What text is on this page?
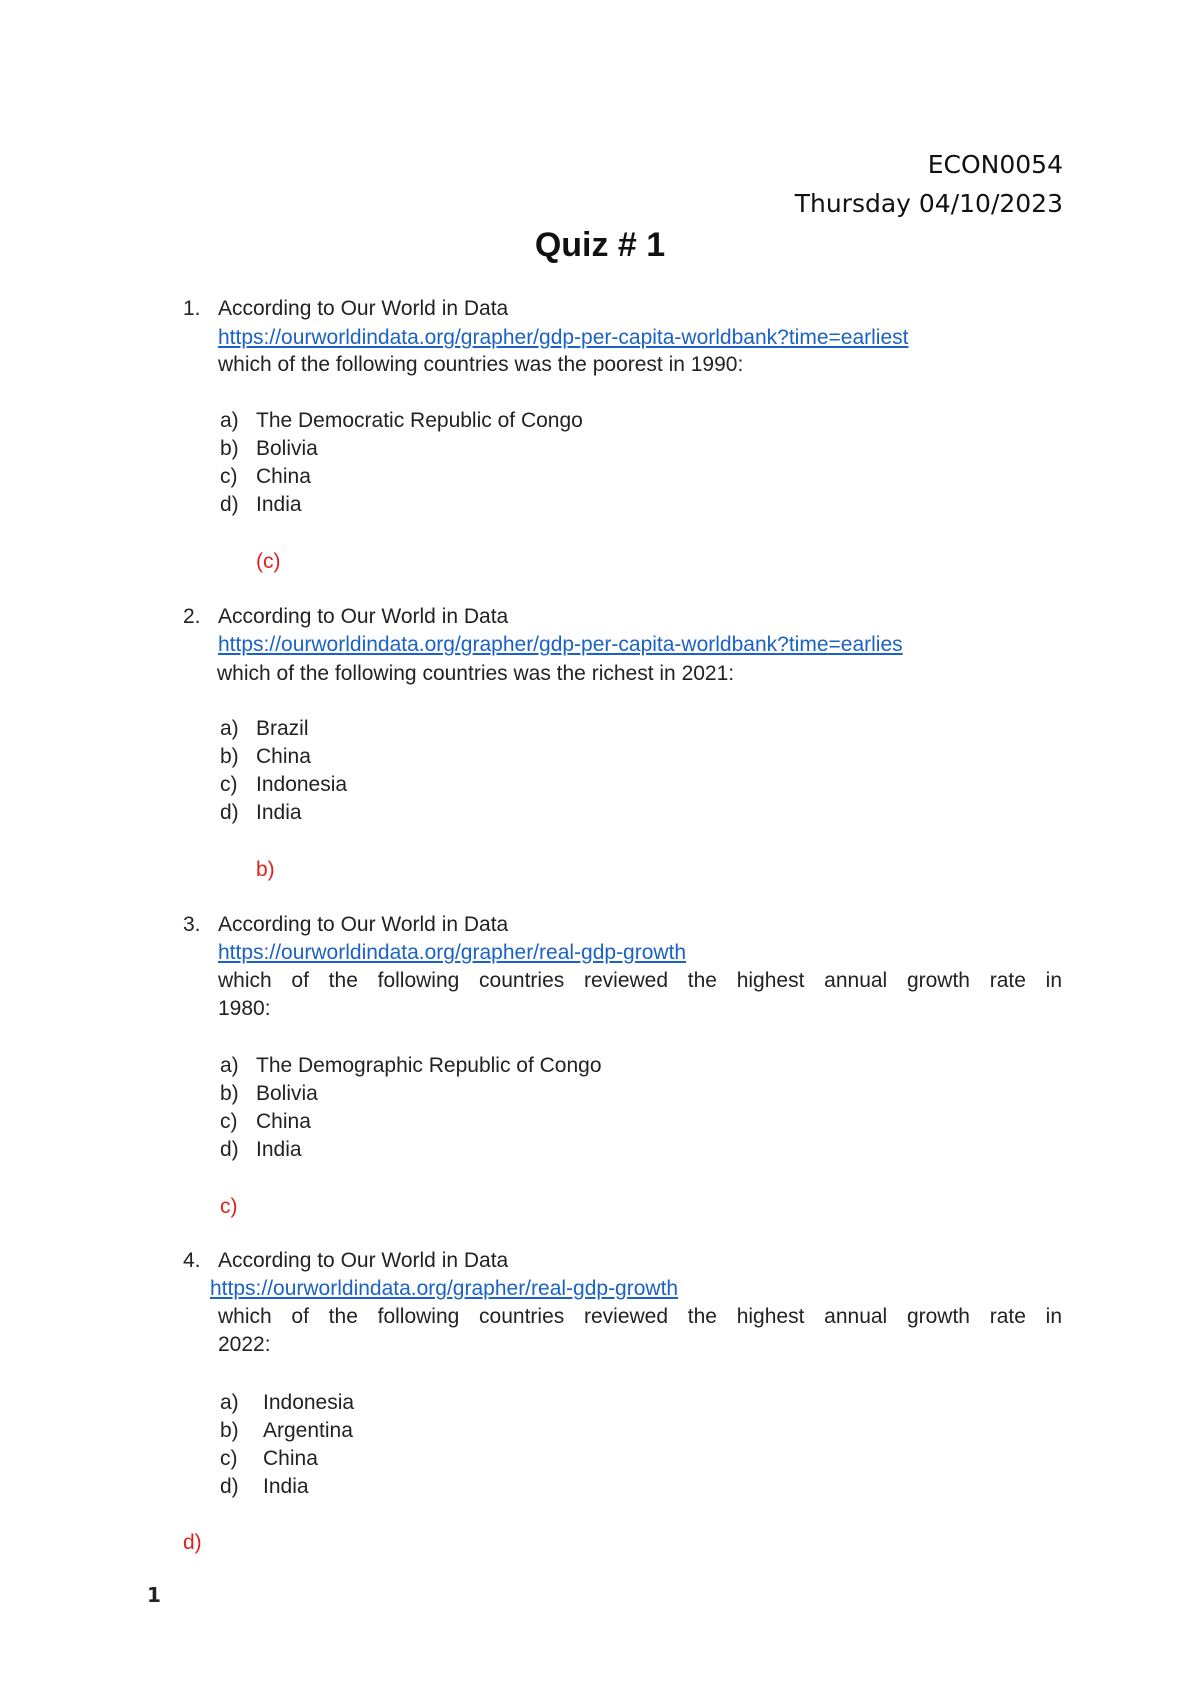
ECON0054
Thursday 04/10/2023
Quiz # 1
1. According to Our World in Data
https://ourworldindata.org/grapher/gdp-per-capita-worldbank?time=earliest
which of the following countries was the poorest in 1990:
a) The Democratic Republic of Congo
b) Bolivia
c) China
d) India
(c)
2. According to Our World in Data
https://ourworldindata.org/grapher/gdp-per-capita-worldbank?time=earlies
which of the following countries was the richest in 2021:
a) Brazil
b) China
c) Indonesia
d) India
b)
3. According to Our World in Data
https://ourworldindata.org/grapher/real-gdp-growth
which of the following countries reviewed the highest annual growth rate in
1980:
a) The Demographic Republic of Congo
b) Bolivia
c) China
d) India
c)
4. According to Our World in Data
https://ourworldindata.org/grapher/real-gdp-growth
which of the following countries reviewed the highest annual growth rate in
2022:
a) Indonesia
b) Argentina
c) China
d) India
d)
1
